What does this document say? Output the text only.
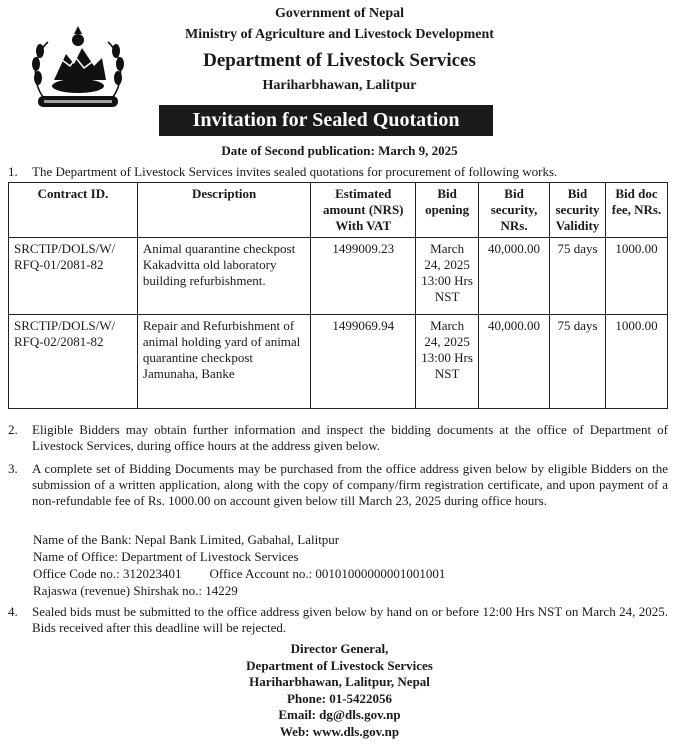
Government of Nepal
Ministry of Agriculture and Livestock Development
Department of Livestock Services
Hariharbhawan, Lalitpur
Invitation for Sealed Quotation
Date of Second publication: March 9, 2025
1.	The Department of Livestock Services invites sealed quotations for procurement of following works.
Contract ID.	Description	Estimated amount (NRS) With VAT	Bid opening	Bid security, NRs.	Bid security Validity	Bid doc fee, NRs.
SRCTIP/DOLS/W/ RFQ-01/2081-82	Animal quarantine checkpost Kakadvitta old laboratory building refurbishment.	1499009.23	March 24, 2025 13:00 Hrs NST	40,000.00	75 days	1000.00
SRCTIP/DOLS/W/ RFQ-02/2081-82	Repair and Refurbishment of animal holding yard of animal quarantine checkpost Jamunaha, Banke	1499069.94	March 24, 2025 13:00 Hrs NST	40,000.00	75 days	1000.00
2.	Eligible Bidders may obtain further information and inspect the bidding documents at the office of Department of Livestock Services, during office hours at the address given below.
3.	A complete set of Bidding Documents may be purchased from the office address given below by eligible Bidders on the submission of a written application, along with the copy of company/firm registration certificate, and upon payment of a non-refundable fee of Rs. 1000.00 on account given below till March 23, 2025 during office hours.
Name of the Bank: Nepal Bank Limited, Gabahal, Lalitpur
Name of Office: Department of Livestock Services
Office Code no.: 312023401 Office Account no.: 00101000000001001001
Rajaswa (revenue) Shirshak no.: 14229
4.	Sealed bids must be submitted to the office address given below by hand on or before 12:00 Hrs NST on March 24, 2025. Bids received after this deadline will be rejected.
Director General,
Department of Livestock Services
Hariharbhawan, Lalitpur, Nepal
Phone: 01-5422056
Email: dg@dls.gov.np
Web: www.dls.gov.np
